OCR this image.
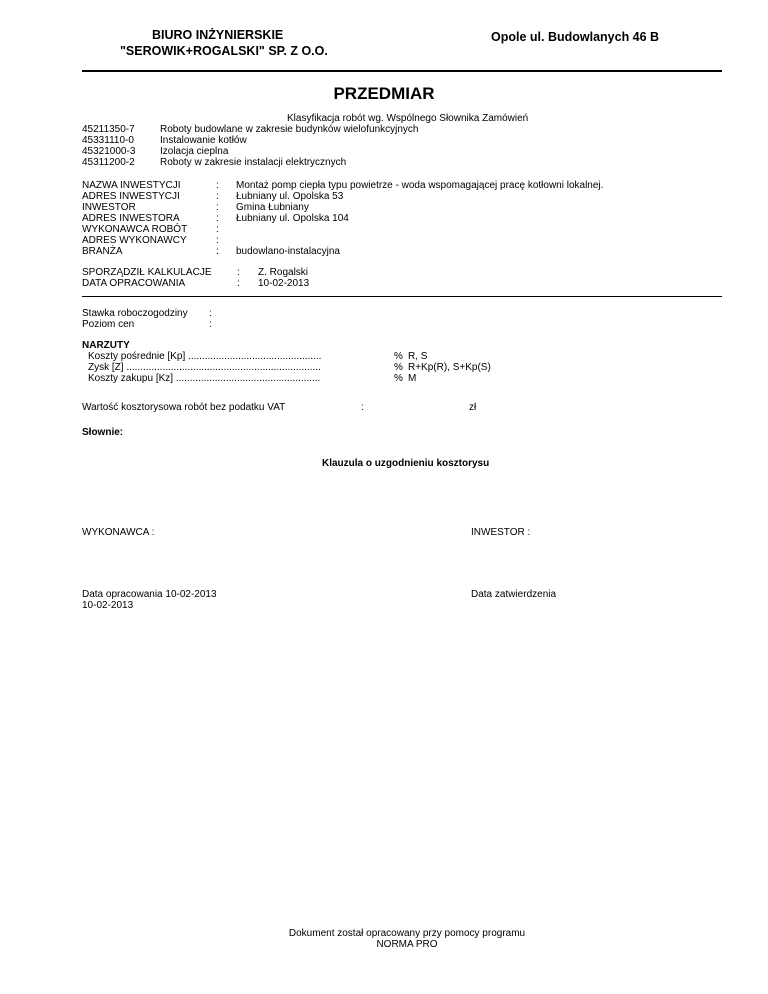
BIURO INŻYNIERSKIE
"SEROWIK+ROGALSKI" SP. Z O.O.
Opole ul. Budowlanych 46 B
PRZEDMIAR
Klasyfikacja robót wg. Wspólnego Słownika Zamówień
45211350-7	Roboty budowlane w zakresie budynków wielofunkcyjnych
45331110-0	Instalowanie kotłów
45321000-3 Izolacja cieplna
45311200-2	Roboty w zakresie instalacji elektrycznych
NAZWA INWESTYCJI	: Montaż pomp ciepła typu powietrze - woda wspomagającej pracę kotłowni lokalnej.
ADRES INWESTYCJI	: Łubniany ul. Opolska 53
INWESTOR	: Gmina Łubniany
ADRES INWESTORA	: Łubniany ul. Opolska 104
WYKONAWCA ROBÓT	:
ADRES WYKONAWCY	:
BRANŻA	: budowlano-instalacyjna
SPORZĄDZIŁ KALKULACJE	: Z. Rogalski
DATA OPRACOWANIA	: 10-02-2013
Stawka roboczogodziny :
Poziom cen	:
NARZUTY
Koszty pośrednie [Kp] ................................................	% R, S
Zysk [Z] ......................................................................	% R+Kp(R), S+Kp(S)
Koszty zakupu [Kz] ....................................................	% M
Wartość kosztorysowa robót bez podatku VAT	:	zł
Słownie:
Klauzula o uzgodnieniu kosztorysu
WYKONAWCA :	INWESTOR :
Data opracowania 10-02-2013
10-02-2013
Data zatwierdzenia
Dokument został opracowany przy pomocy programu
NORMA PRO
